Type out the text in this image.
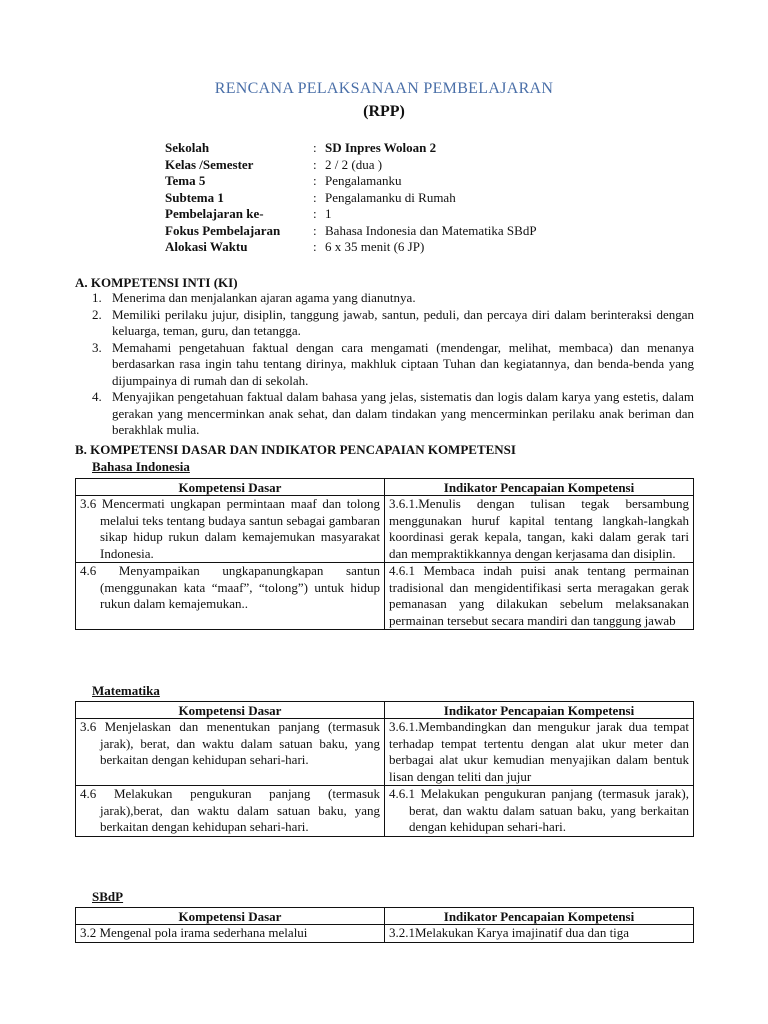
RENCANA PELAKSANAAN PEMBELAJARAN
(RPP)
Sekolah	: SD Inpres Woloan 2
Kelas /Semester	: 2 / 2 (dua )
Tema 5	: Pengalamanku
Subtema 1	: Pengalamanku di Rumah
Pembelajaran ke-	: 1
Fokus Pembelajaran	: Bahasa Indonesia dan Matematika SBdP
Alokasi Waktu	: 6 x 35 menit (6 JP)
A. KOMPETENSI INTI (KI)
1. Menerima dan menjalankan ajaran agama yang dianutnya.
2. Memiliki perilaku jujur, disiplin, tanggung jawab, santun, peduli, dan percaya diri dalam berinteraksi dengan keluarga, teman, guru, dan tetangga.
3. Memahami pengetahuan faktual dengan cara mengamati (mendengar, melihat, membaca) dan menanya berdasarkan rasa ingin tahu tentang dirinya, makhluk ciptaan Tuhan dan kegiatannya, dan benda-benda yang dijumpainya di rumah dan di sekolah.
4. Menyajikan pengetahuan faktual dalam bahasa yang jelas, sistematis dan logis dalam karya yang estetis, dalam gerakan yang mencerminkan anak sehat, dan dalam tindakan yang mencerminkan perilaku anak beriman dan berakhlak mulia.
B. KOMPETENSI DASAR DAN INDIKATOR PENCAPAIAN KOMPETENSI
Bahasa Indonesia
Kompetensi Dasar	Indikator Pencapaian Kompetensi

3.6 Mencermati ungkapan permintaan maaf dan tolong melalui teks tentang budaya santun sebagai gambaran sikap hidup rukun dalam kemajemukan masyarakat Indonesia.	3.6.1.Menulis dengan tulisan tegak bersambung menggunakan huruf kapital tentang langkah-langkah koordinasi gerak kepala, tangan, kaki dalam gerak tari dan mempraktikkannya dengan kerjasama dan disiplin.

4.6 Menyampaikan ungkapanungkapan santun (menggunakan kata “maaf”, “tolong”) untuk hidup rukun dalam kemajemukan..	4.6.1 Membaca indah puisi anak tentang permainan tradisional dan mengidentifikasi serta meragakan gerak pemanasan yang dilakukan sebelum melaksanakan permainan tersebut secara mandiri dan tanggung jawab
Matematika
Kompetensi Dasar	Indikator Pencapaian Kompetensi

3.6 Menjelaskan dan menentukan panjang (termasuk jarak), berat, dan waktu dalam satuan baku, yang berkaitan dengan kehidupan sehari-hari.	3.6.1.Membandingkan dan mengukur jarak dua tempat terhadap tempat tertentu dengan alat ukur meter dan berbagai alat ukur kemudian menyajikan dalam bentuk lisan dengan teliti dan jujur

4.6 Melakukan pengukuran panjang (termasuk jarak),berat, dan waktu dalam satuan baku, yang berkaitan dengan kehidupan sehari-hari.	4.6.1 Melakukan pengukuran panjang (termasuk jarak), berat, dan waktu dalam satuan baku, yang berkaitan dengan kehidupan sehari-hari.
SBdP
Kompetensi Dasar	Indikator Pencapaian Kompetensi

3.2 Mengenal pola irama sederhana melalui	3.2.1Melakukan Karya imajinatif dua dan tiga
